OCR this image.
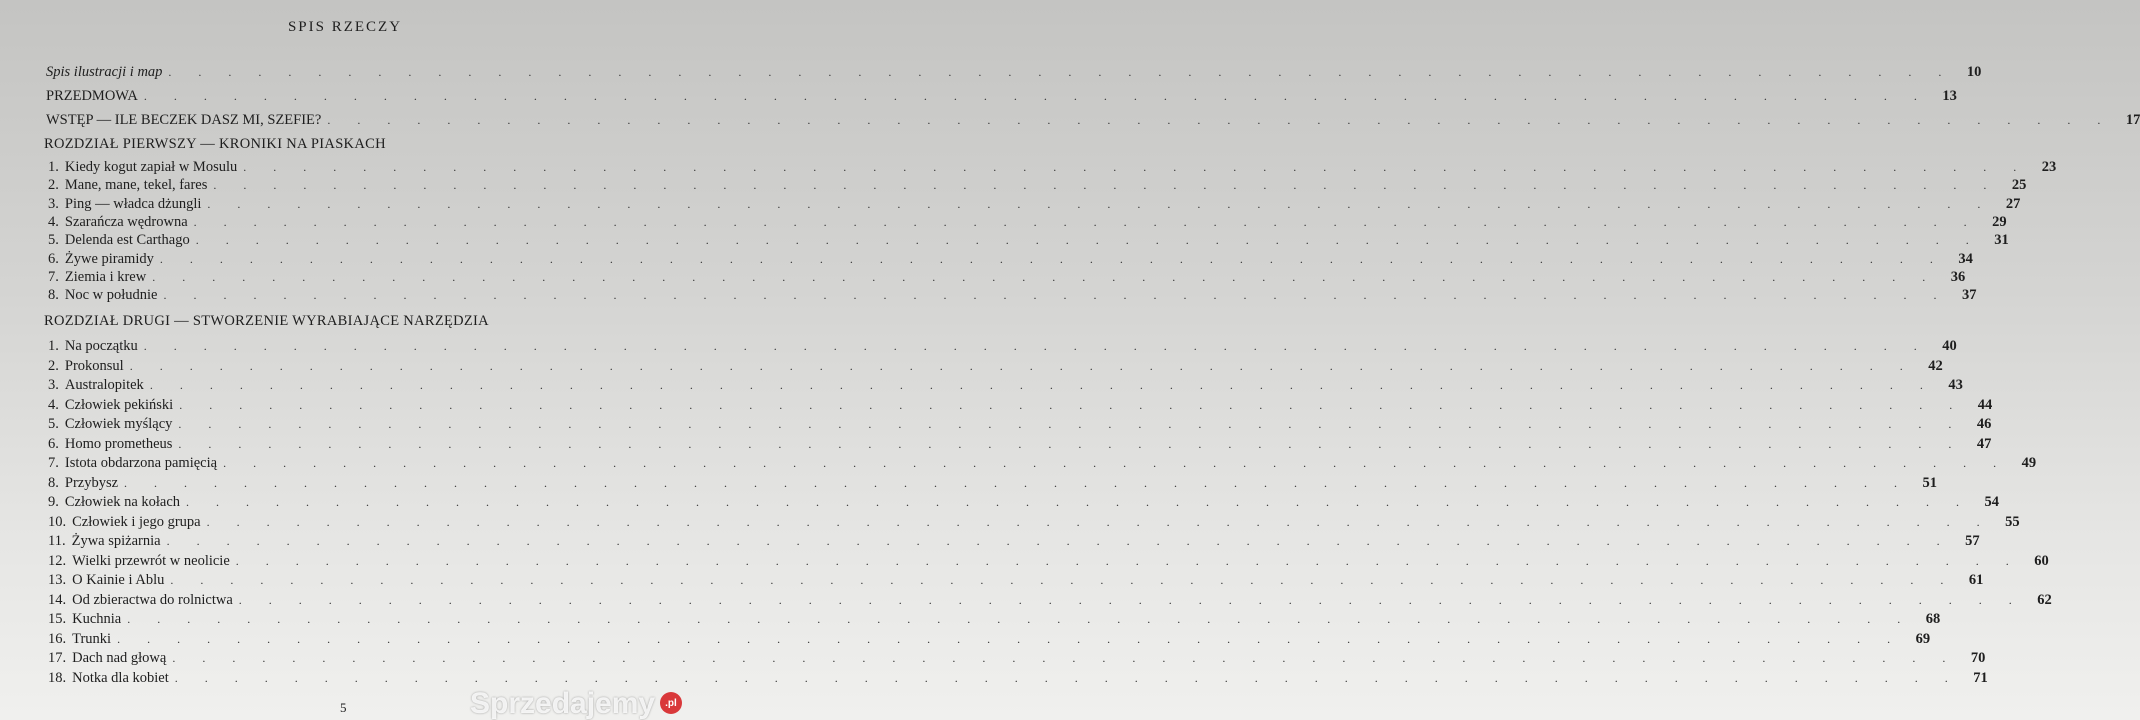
SPIS RZECZY
Spis ilustracji i map . . . . . . . . . . . . . . . . . . . . . . . . . . . . . . . . . . . . . . . . . . . . . . . . . . . . . . . . . . . . 10
PRZEDMOWA . . . . . . . . . . . . . . . . . . . . . . . . . . . . . . . . . . . . . . . . . . . . . . . . . . . . . . . . . . . . 13
WSTĘP — ILE BECZEK DASZ MI, SZEFIE? . . . . . . . . . . . . . . . . . . . . . . . . . . . . . . . . . . . . . . . . . . . . . . . . . . . . . . . . . . . . 17
ROZDZIAŁ PIERWSZY — KRONIKI NA PIASKACH
1. Kiedy kogut zapiał w Mosulu . . . . . . . . . . . . . . . . . . . . . . . . . . . . . . . . . . . . . . . . . . . . . . . . . . . . . . . . . . . . 23
2. Mane, mane, tekel, fares . . . . . . . . . . . . . . . . . . . . . . . . . . . . . . . . . . . . . . . . . . . . . . . . . . . . . . . . . . . . 25
3. Ping — władca dżungli . . . . . . . . . . . . . . . . . . . . . . . . . . . . . . . . . . . . . . . . . . . . . . . . . . . . . . . . . . . . 27
4. Szarańcza wędrowna . . . . . . . . . . . . . . . . . . . . . . . . . . . . . . . . . . . . . . . . . . . . . . . . . . . . . . . . . . . . 29
5. Delenda est Carthago . . . . . . . . . . . . . . . . . . . . . . . . . . . . . . . . . . . . . . . . . . . . . . . . . . . . . . . . . . . . 31
6. Żywe piramidy . . . . . . . . . . . . . . . . . . . . . . . . . . . . . . . . . . . . . . . . . . . . . . . . . . . . . . . . . . . . 34
7. Ziemia i krew . . . . . . . . . . . . . . . . . . . . . . . . . . . . . . . . . . . . . . . . . . . . . . . . . . . . . . . . . . . . 36
8. Noc w południe . . . . . . . . . . . . . . . . . . . . . . . . . . . . . . . . . . . . . . . . . . . . . . . . . . . . . . . . . . . . 37
ROZDZIAŁ DRUGI — STWORZENIE WYRABIAJĄCE NARZĘDZIA
1. Na początku . . . . . . . . . . . . . . . . . . . . . . . . . . . . . . . . . . . . . . . . . . . . . . . . . . . . . . . . . . . . 40
2. Prokonsul . . . . . . . . . . . . . . . . . . . . . . . . . . . . . . . . . . . . . . . . . . . . . . . . . . . . . . . . . . . . 42
3. Australopitek . . . . . . . . . . . . . . . . . . . . . . . . . . . . . . . . . . . . . . . . . . . . . . . . . . . . . . . . . . . . 43
4. Człowiek pekiński . . . . . . . . . . . . . . . . . . . . . . . . . . . . . . . . . . . . . . . . . . . . . . . . . . . . . . . . . . . . 44
5. Człowiek myślący . . . . . . . . . . . . . . . . . . . . . . . . . . . . . . . . . . . . . . . . . . . . . . . . . . . . . . . . . . . . 46
6. Homo prometheus . . . . . . . . . . . . . . . . . . . . . . . . . . . . . . . . . . . . . . . . . . . . . . . . . . . . . . . . . . . . 47
7. Istota obdarzona pamięcią . . . . . . . . . . . . . . . . . . . . . . . . . . . . . . . . . . . . . . . . . . . . . . . . . . . . . . . . . . . . 49
8. Przybysz . . . . . . . . . . . . . . . . . . . . . . . . . . . . . . . . . . . . . . . . . . . . . . . . . . . . . . . . . . . . 51
9. Człowiek na kołach . . . . . . . . . . . . . . . . . . . . . . . . . . . . . . . . . . . . . . . . . . . . . . . . . . . . . . . . . . . . 54
10. Człowiek i jego grupa . . . . . . . . . . . . . . . . . . . . . . . . . . . . . . . . . . . . . . . . . . . . . . . . . . . . . . . . . . . . 55
11. Żywa spiżarnia . . . . . . . . . . . . . . . . . . . . . . . . . . . . . . . . . . . . . . . . . . . . . . . . . . . . . . . . . . . . 57
12. Wielki przewrót w neolicie . . . . . . . . . . . . . . . . . . . . . . . . . . . . . . . . . . . . . . . . . . . . . . . . . . . . . . . . . . . . 60
13. O Kainie i Ablu . . . . . . . . . . . . . . . . . . . . . . . . . . . . . . . . . . . . . . . . . . . . . . . . . . . . . . . . . . . . 61
14. Od zbieractwa do rolnictwa . . . . . . . . . . . . . . . . . . . . . . . . . . . . . . . . . . . . . . . . . . . . . . . . . . . . . . . . . . . . 62
15. Kuchnia . . . . . . . . . . . . . . . . . . . . . . . . . . . . . . . . . . . . . . . . . . . . . . . . . . . . . . . . . . . . 68
16. Trunki . . . . . . . . . . . . . . . . . . . . . . . . . . . . . . . . . . . . . . . . . . . . . . . . . . . . . . . . . . . . 69
17. Dach nad głową . . . . . . . . . . . . . . . . . . . . . . . . . . . . . . . . . . . . . . . . . . . . . . . . . . . . . . . . . . . . 70
18. Notka dla kobiet . . . . . . . . . . . . . . . . . . . . . . . . . . . . . . . . . . . . . . . . . . . . . . . . . . . . . . . . . . . . 71
5	Sprzedajemy	.pl
